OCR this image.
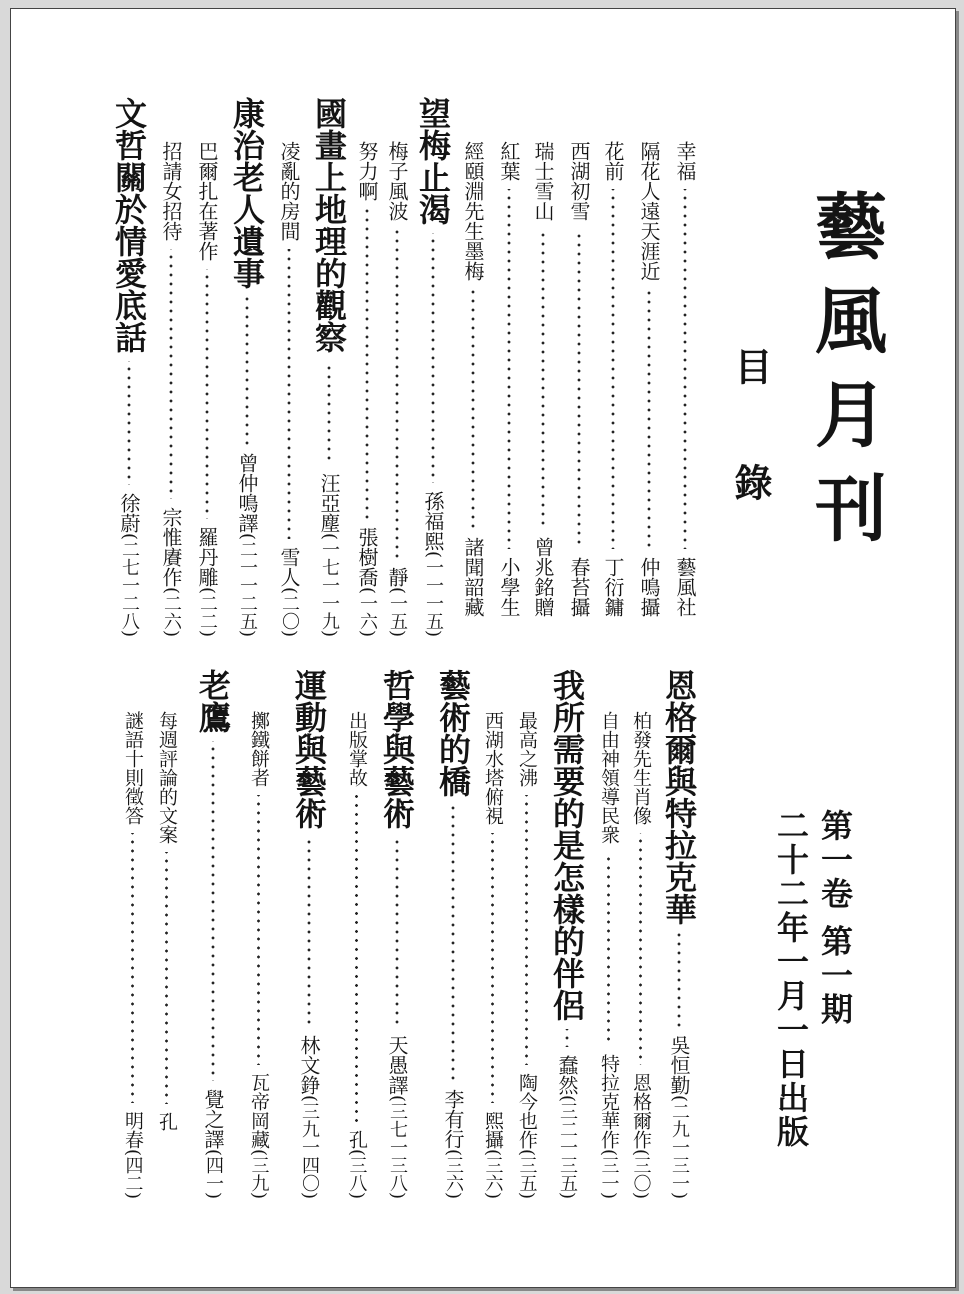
藝風月刊
目錄
第一卷 第一期
二十二年一月一日出版
幸福
藝風社
隔花人遠天涯近
仲鳴攝
花前
丁衍鏞
西湖初雪
春苔攝
瑞士雪山
曾兆銘贈
紅葉
小學生
經頤淵先生墨梅
諸聞韶藏
望梅止渴
孫福熙
(一一一五)
梅子風波
靜
(一五)
努力啊
張樹喬
(一六)
國畫上地理的觀察
汪亞塵
(一七一一九)
凌亂的房間
雪人
(二〇)
康治老人遺事
曾仲鳴譯
(二一一二五)
巴爾扎在著作
羅丹雕
(二二)
招請女招待
宗惟賡作
(二六)
文哲關於情愛底話
徐蔚
(二七一二八)
恩格爾與特拉克華
吳恒勤
(二九一三一)
柏發先生肖像
恩格爾作
(三〇)
自由神領導民衆
特拉克華作
(三一)
我所需要的是怎樣的伴侶
蠢然
(三二一三五)
最高之沸
陶今也作
(三五)
西湖水塔俯視
熙攝
(三六)
藝術的橋
李有行
(三六)
哲學與藝術
天愚譯
(三七一三八)
出版掌故
孔
(三八)
運動與藝術
林文錚
(三九一四〇)
擲鐵餅者
瓦帝岡藏
(三九)
老鷹
覺之譯
(四一)
每週評論的文案
孔
謎語十則徵答
明春
(四二)
